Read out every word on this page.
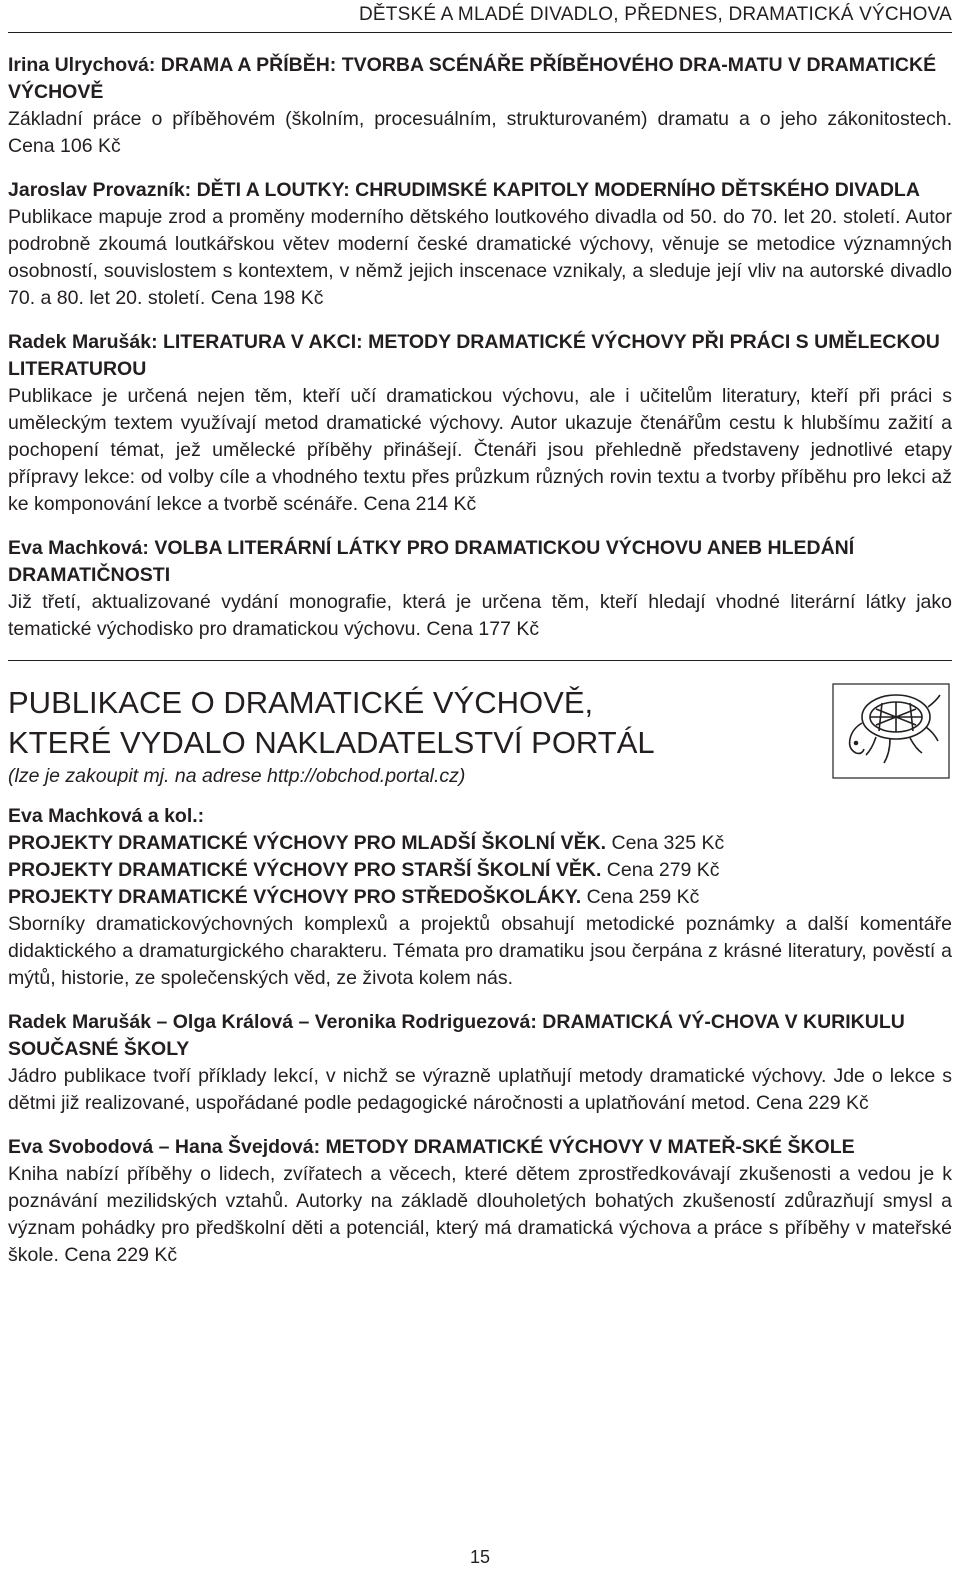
DĚTSKÉ A MLADÉ DIVADLO, PŘEDNES, DRAMATICKÁ VÝCHOVA

Irina Ulrychová: DRAMA A PŘÍBĚH: TVORBA SCÉNÁŘE PŘÍBĚHOVÉHO DRA-MATU V DRAMATICKÉ VÝCHOVĚ

Základní práce o příběhovém (školním, procesuálním, strukturovaném) dramatu a o jeho zákonitostech. Cena 106 Kč

Jaroslav Provazník: DĚTI A LOUTKY: CHRUDIMSKÉ KAPITOLY MODERNÍHO DĚTSKÉHO DIVADLA

Publikace mapuje zrod a proměny moderního dětského loutkového divadla od 50. do 70. let 20. století. Autor podrobně zkoumá loutkářskou větev moderní české dramatické výchovy, věnuje se metodice významných osobností, souvislostem s kontextem, v němž jejich inscenace vznikaly, a sleduje její vliv na autorské divadlo 70. a 80. let 20. století. Cena 198 Kč

Radek Marušák: LITERATURA V AKCI: METODY DRAMATICKÉ VÝCHOVY PŘI PRÁCI S UMĚLECKOU LITERATUROU

Publikace je určená nejen těm, kteří učí dramatickou výchovu, ale i učitelům literatury, kteří při práci s uměleckým textem využívají metod dramatické výchovy. Autor ukazuje čtenářům cestu k hlubšímu zažití a pochopení témat, jež umělecké příběhy přinášejí. Čtenáři jsou přehledně představeny jednotlivé etapy přípravy lekce: od volby cíle a vhodného textu přes průzkum různých rovin textu a tvorby příběhu pro lekci až ke komponování lekce a tvorbě scénáře. Cena 214 Kč

Eva Machková: VOLBA LITERÁRNÍ LÁTKY PRO DRAMATICKOU VÝCHOVU ANEB HLEDÁNÍ DRAMATIČNOSTI

Již třetí, aktualizované vydání monografie, která je určena těm, kteří hledají vhodné literární látky jako tematické východisko pro dramatickou výchovu. Cena 177 Kč

PUBLIKACE O DRAMATICKÉ VÝCHOVĚ,

KTERÉ VYDALO NAKLADATELSTVÍ PORTÁL

(lze je zakoupit mj. na adrese http://obchod.portal.cz)

Eva Machková a kol.:

PROJEKTY DRAMATICKÉ VÝCHOVY PRO MLADŠÍ ŠKOLNÍ VĚK. Cena 325 Kč

PROJEKTY DRAMATICKÉ VÝCHOVY PRO STARŠÍ ŠKOLNÍ VĚK. Cena 279 Kč

PROJEKTY DRAMATICKÉ VÝCHOVY PRO STŘEDOŠKOLÁKY. Cena 259 Kč

Sborníky dramatickovýchovných komplexů a projektů obsahují metodické poznámky a další komentáře didaktického a dramaturgického charakteru. Témata pro dramatiku jsou čerpána z krásné literatury, pověstí a mýtů, historie, ze společenských věd, ze života kolem nás.

Radek Marušák – Olga Králová – Veronika Rodriguezová: DRAMATICKÁ VÝ-CHOVA V KURIKULU SOUČASNÉ ŠKOLY

Jádro publikace tvoří příklady lekcí, v nichž se výrazně uplatňují metody dramatické výchovy. Jde o lekce s dětmi již realizované, uspořádané podle pedagogické náročnosti a uplatňování metod. Cena 229 Kč

Eva Svobodová – Hana Švejdová: METODY DRAMATICKÉ VÝCHOVY V MATEŘ-SKÉ ŠKOLE

Kniha nabízí příběhy o lidech, zvířatech a věcech, které dětem zprostředkovávají zkušenosti a vedou je k poznávání mezilidských vztahů. Autorky na základě dlouholetých bohatých zkušeností zdůrazňují smysl a význam pohádky pro předškolní děti a potenciál, který má dramatická výchova a práce s příběhy v mateřské škole. Cena 229 Kč

15
